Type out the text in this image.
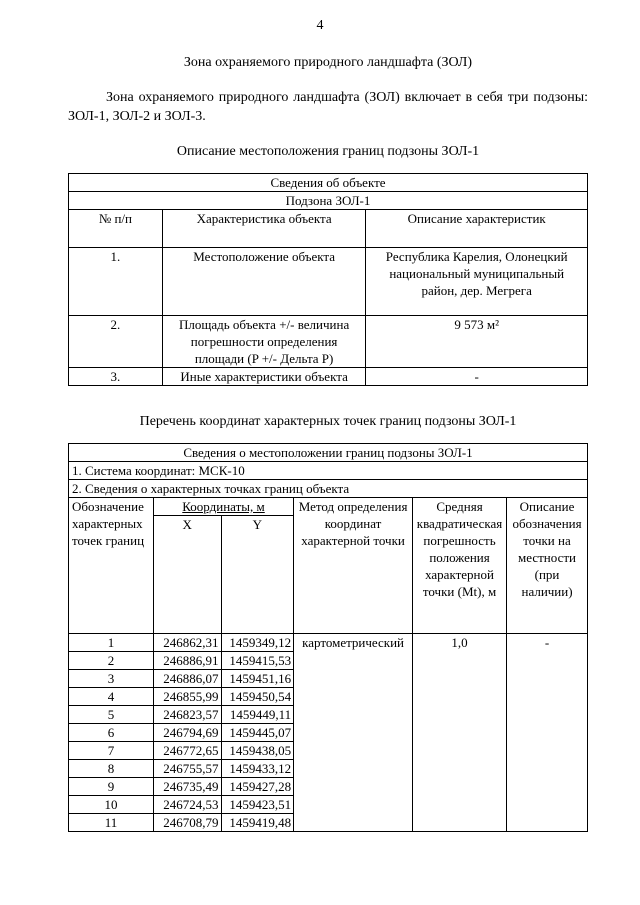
4
Зона охраняемого природного ландшафта (ЗОЛ)
Зона охраняемого природного ландшафта (ЗОЛ) включает в себя три подзоны: ЗОЛ-1, ЗОЛ-2 и ЗОЛ-3.
Описание местоположения границ подзоны ЗОЛ-1
Сведения об объекте		
Подзона ЗОЛ-1		
№ п/п	Характеристика объекта	Описание характеристик
1.	Местоположение объекта	Республика Карелия, Олонецкий национальный муниципальный район, дер. Мегрега
2.	Площадь объекта +/- величина погрешности определения площади (P +/- Дельта P)	9 573 м²
3.	Иные характеристики объекта	-
Перечень координат характерных точек границ подзоны ЗОЛ-1
Сведения о местоположении границ подзоны ЗОЛ-1					
1. Система координат: МСК-10					
2. Сведения о характерных точках границ объекта					
Обозначение характерных точек границ	Координаты, м		Метод определения координат характерной точки	Средняя квадратическая погрешность положения характерной точки (Mt), м	Описание обозначения точки на местности (при наличии)
	X	Y			
1	246862,31	1459349,12	картометрический	1,0	-
2	246886,91	1459415,53			
3	246886,07	1459451,16			
4	246855,99	1459450,54			
5	246823,57	1459449,11			
6	246794,69	1459445,07			
7	246772,65	1459438,05			
8	246755,57	1459433,12			
9	246735,49	1459427,28			
10	246724,53	1459423,51			
11	246708,79	1459419,48			
